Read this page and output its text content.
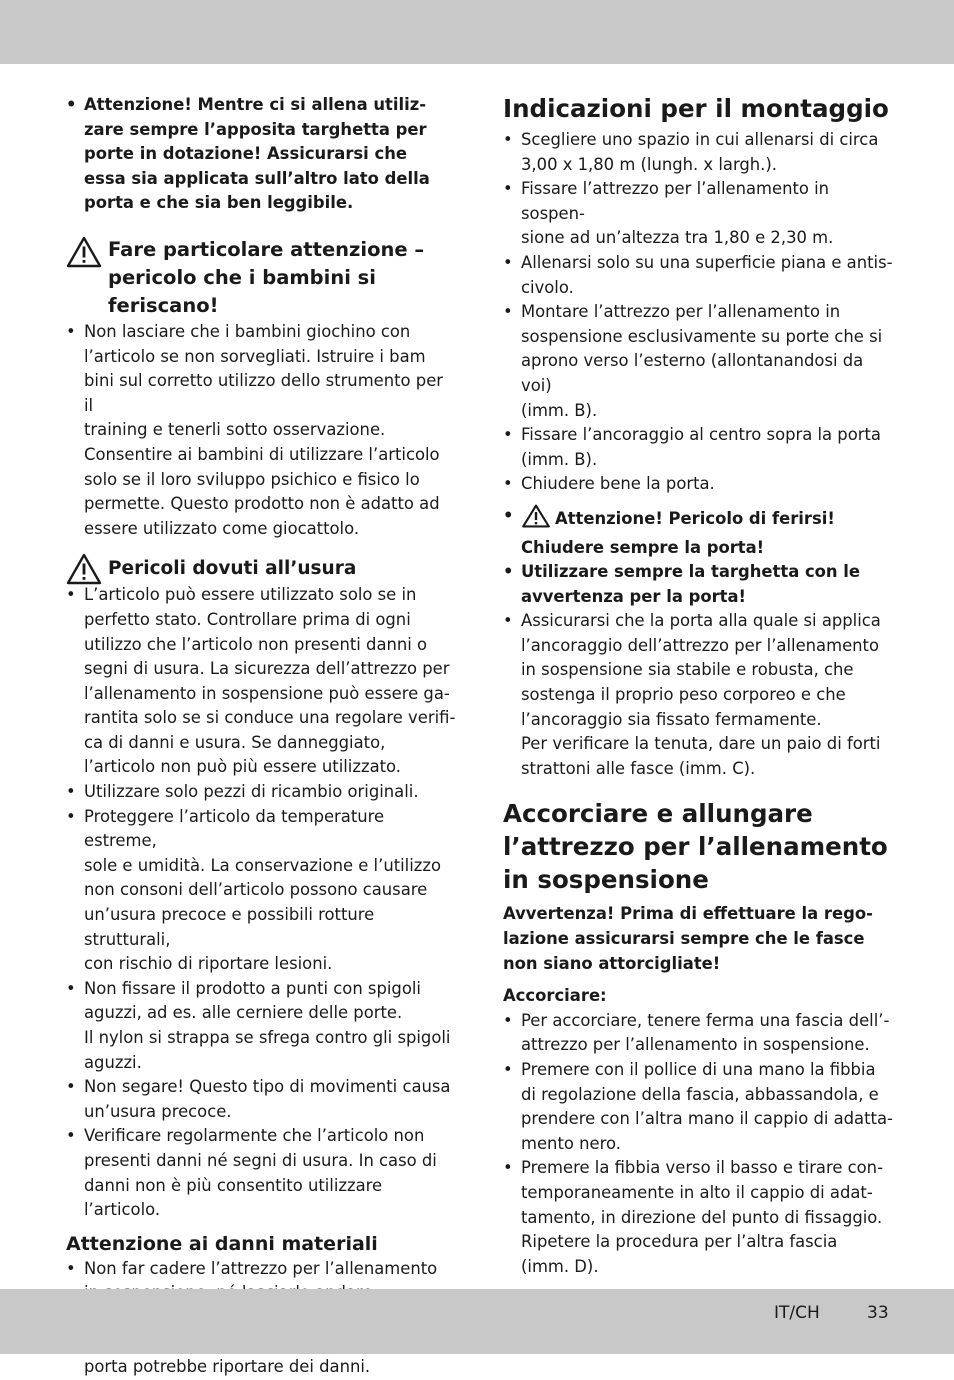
• Attenzione! Mentre ci si allena utiliz-
zare sempre l’apposita targhetta per
porte in dotazione! Assicurarsi che
essa sia applicata sull’altro lato della
porta e che sia ben leggibile.
Fare particolare attenzione –
pericolo che i bambini si
feriscano!
• Non lasciare che i bambini giochino con
l’articolo se non sorvegliati. Istruire i bam
bini sul corretto utilizzo dello strumento per il
training e tenerli sotto osservazione.
Consentire ai bambini di utilizzare l’articolo
solo se il loro sviluppo psichico e fisico lo
permette. Questo prodotto non è adatto ad
essere utilizzato come giocattolo.
Pericoli dovuti all’usura
• L’articolo può essere utilizzato solo se in
perfetto stato. Controllare prima di ogni
utilizzo che l’articolo non presenti danni o
segni di usura. La sicurezza dell’attrezzo per
l’allenamento in sospensione può essere ga-
rantita solo se si conduce una regolare verifi-
ca di danni e usura. Se danneggiato,
l’articolo non può più essere utilizzato.
• Utilizzare solo pezzi di ricambio originali.
• Proteggere l’articolo da temperature estreme,
sole e umidità. La conservazione e l’utilizzo
non consoni dell’articolo possono causare
un’usura precoce e possibili rotture strutturali,
con rischio di riportare lesioni.
• Non fissare il prodotto a punti con spigoli
aguzzi, ad es. alle cerniere delle porte.
Il nylon si strappa se sfrega contro gli spigoli
aguzzi.
• Non segare! Questo tipo di movimenti causa
un’usura precoce.
• Verificare regolarmente che l’articolo non
presenti danni né segni di usura. In caso di
danni non è più consentito utilizzare l’articolo.
Attenzione ai danni materiali
• Non far cadere l’attrezzo per l’allenamento

porta potrebbe riportare dei danni.
Indicazioni per il montaggio
• Scegliere uno spazio in cui allenarsi di circa
3,00 x 1,80 m (lungh. x largh.).
• Fissare l’attrezzo per l’allenamento in sospen-
sione ad un’altezza tra 1,80 e 2,30 m.
• Allenarsi solo su una superficie piana e antis-
civolo.
• Montare l’attrezzo per l’allenamento in
sospensione esclusivamente su porte che si
aprono verso l’esterno (allontanandosi da voi)
(imm. B).
• Fissare l’ancoraggio al centro sopra la porta
(imm. B).
• Chiudere bene la porta.
•	Attenzione! Pericolo di ferirsi!
Chiudere sempre la porta!
• Utilizzare sempre la targhetta con le
avvertenza per la porta!
• Assicurarsi che la porta alla quale si applica
l’ancoraggio dell’attrezzo per l’allenamento
in sospensione sia stabile e robusta, che
sostenga il proprio peso corporeo e che
l’ancoraggio sia fissato fermamente.
Per verificare la tenuta, dare un paio di forti
strattoni alle fasce (imm. C).
Accorciare e allungare
l’attrezzo per l’allenamento
in sospensione
Avvertenza! Prima di effettuare la rego-
lazione assicurarsi sempre che le fasce
non siano attorcigliate!
Accorciare:
• Per accorciare, tenere ferma una fascia dell’-
attrezzo per l’allenamento in sospensione.
• Premere con il pollice di una mano la fibbia
di regolazione della fascia, abbassandola, e
prendere con l’altra mano il cappio di adatta-
mento nero.
• Premere la fibbia verso il basso e tirare con-
temporaneamente in alto il cappio di adat-
tamento, in direzione del punto di fissaggio.
Ripetere la procedura per l’altra fascia
(imm. D).
IT/CH	33
